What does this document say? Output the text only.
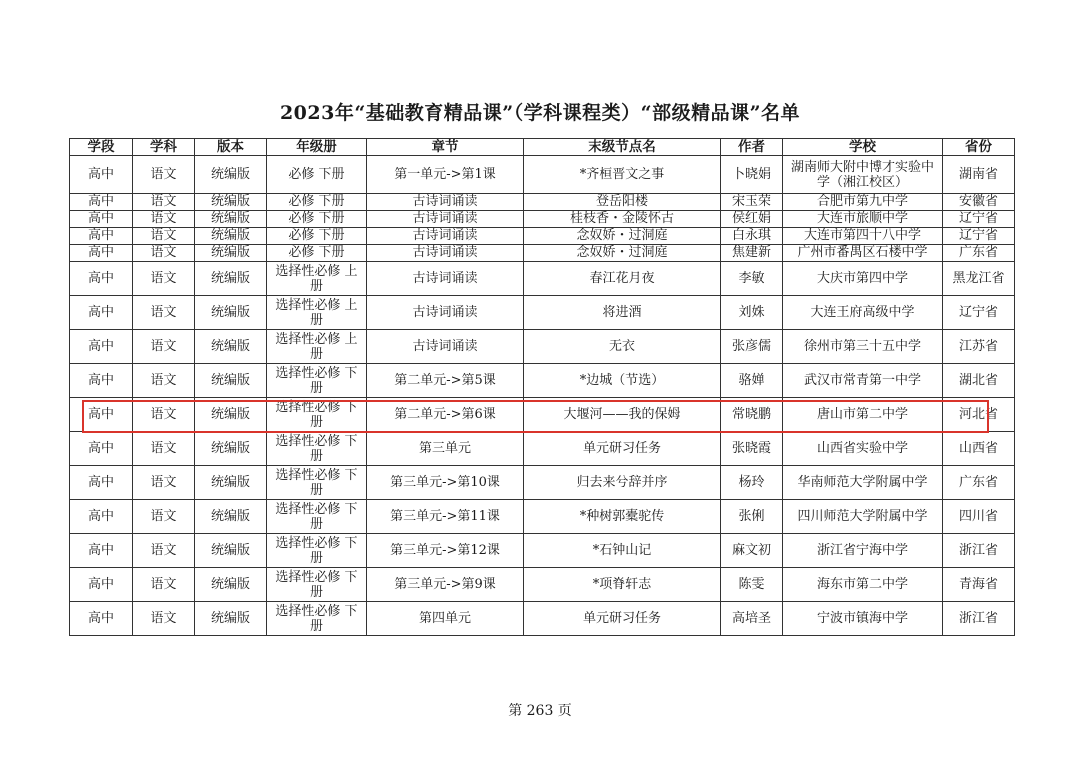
2023年“基础教育精品课”（学科课程类）“部级精品课”名单
学段	学科	版本	年级册	章节	末级节点名	作者	学校	省份
高中	语文	统编版	必修 下册	第一单元->第1课	*齐桓晋文之事	卜晓娟	湖南师大附中博才实验中学（湘江校区）	湖南省
高中	语文	统编版	必修 下册	古诗词诵读	登岳阳楼	宋玉荣	合肥市第九中学	安徽省
高中	语文	统编版	必修 下册	古诗词诵读	桂枝香・金陵怀古	侯红娟	大连市旅顺中学	辽宁省
高中	语文	统编版	必修 下册	古诗词诵读	念奴娇・过洞庭	白永琪	大连市第四十八中学	辽宁省
高中	语文	统编版	必修 下册	古诗词诵读	念奴娇・过洞庭	焦建新	广州市番禺区石楼中学	广东省
高中	语文	统编版	选择性必修 上册	古诗词诵读	春江花月夜	李敏	大庆市第四中学	黑龙江省
高中	语文	统编版	选择性必修 上册	古诗词诵读	将进酒	刘姝	大连王府高级中学	辽宁省
高中	语文	统编版	选择性必修 上册	古诗词诵读	无衣	张彦儒	徐州市第三十五中学	江苏省
高中	语文	统编版	选择性必修 下册	第二单元->第5课	*边城（节选）	骆婵	武汉市常青第一中学	湖北省
高中	语文	统编版	选择性必修 下册	第二单元->第6课	大堰河——我的保姆	常晓鹏	唐山市第二中学	河北省
高中	语文	统编版	选择性必修 下册	第三单元	单元研习任务	张晓霞	山西省实验中学	山西省
高中	语文	统编版	选择性必修 下册	第三单元->第10课	归去来兮辞并序	杨玲	华南师范大学附属中学	广东省
高中	语文	统编版	选择性必修 下册	第三单元->第11课	*种树郭橐驼传	张俐	四川师范大学附属中学	四川省
高中	语文	统编版	选择性必修 下册	第三单元->第12课	*石钟山记	麻文初	浙江省宁海中学	浙江省
高中	语文	统编版	选择性必修 下册	第三单元->第9课	*项脊轩志	陈雯	海东市第二中学	青海省
高中	语文	统编版	选择性必修 下册	第四单元	单元研习任务	高培圣	宁波市镇海中学	浙江省
第 263 页
